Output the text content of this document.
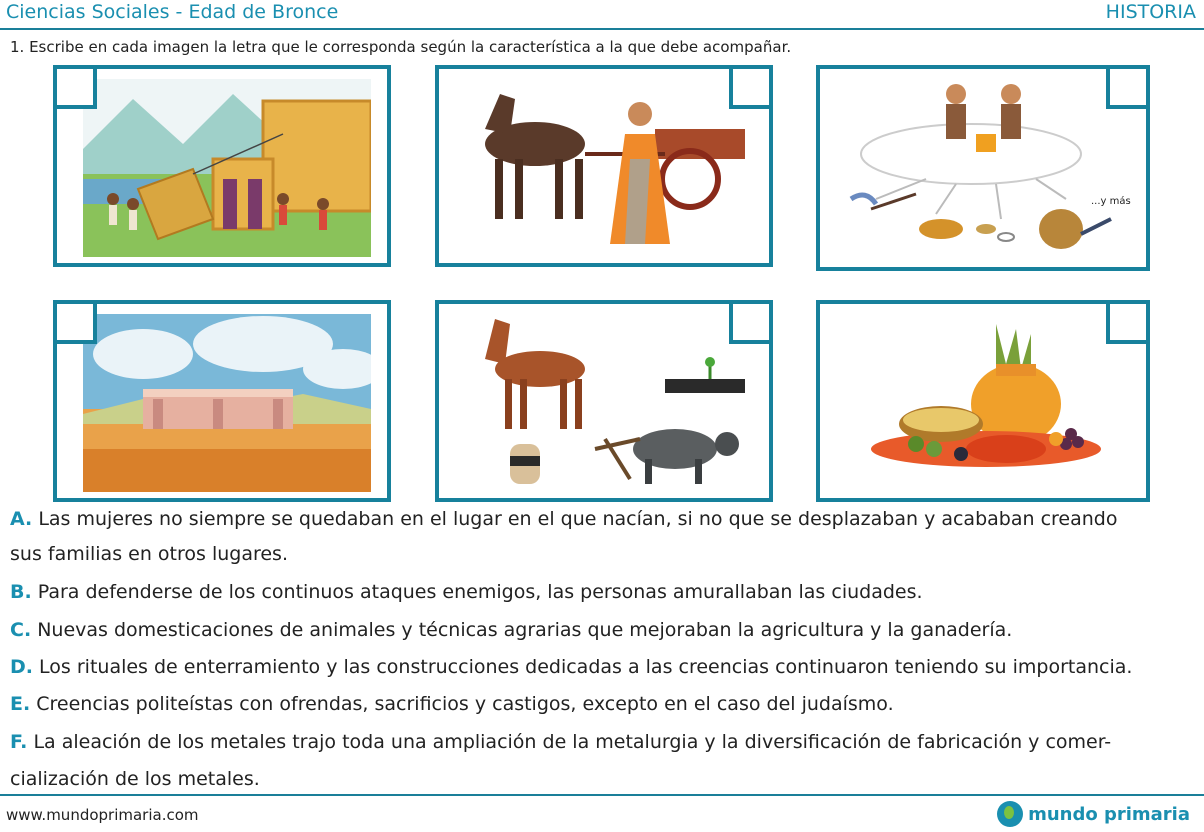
Ciencias Sociales - Edad de Bronce	HISTORIA
1. Escribe en cada imagen la letra que le corresponda según la característica a la que debe acompañar.
...y más
A. Las mujeres no siempre se quedaban en el lugar en el que nacían, si no que se desplazaban y acababan creando
sus familias en otros lugares.
B. Para defenderse de los continuos ataques enemigos, las personas amurallaban las ciudades.
C. Nuevas domesticaciones de animales y técnicas agrarias que mejoraban la agricultura y la ganadería.
D. Los rituales de enterramiento y las construcciones dedicadas a las creencias continuaron teniendo su importancia.
E. Creencias politeístas con ofrendas, sacrificios y castigos, excepto en el caso del judaísmo.
F. La aleación de los metales trajo toda una ampliación de la metalurgia y la diversificación de fabricación y comer-
cialización de los metales.
www.mundoprimaria.com	mundo primaria
